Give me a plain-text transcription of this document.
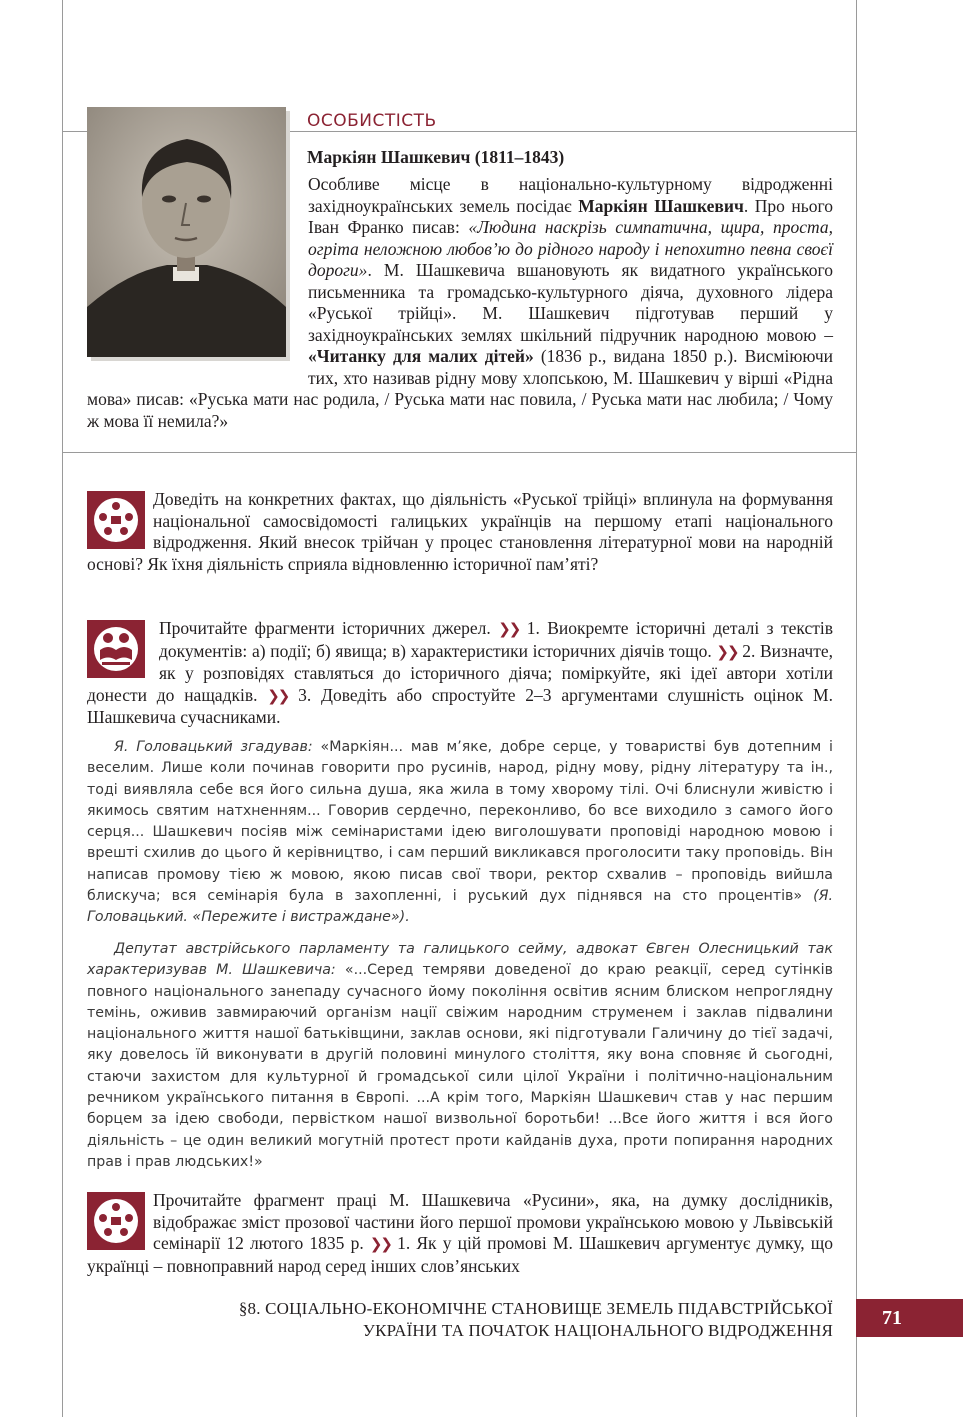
ОСОБИСТІСТЬ
Маркіян Шашкевич (1811–1843)

Особливе місце в національно-культурному відродженні західноукраїнських земель посідає Маркіян Шашкевич. Про нього Іван Франко писав: «Людина наскрізь симпатична, щира, проста, огріта неложною любов’ю до рідного народу і непохитно певна своєї дороги». М. Шашкевича вшановують як видатного українського письменника та громадсько-культурного діяча, духовного лідера «Руської трійці». М. Шашкевич підготував перший у західноукраїнських землях шкільний підручник народною мовою – «Читанку для малих дітей» (1836 р., видана 1850 р.). Висміюючи тих, хто називав рідну мову хлопською, М. Шашкевич у вірші «Рідна мова» писав: «Руська мати нас родила, / Руська мати нас повила, / Руська мати нас любила; / Чому ж мова її немила?»

Доведіть на конкретних фактах, що діяльність «Руської трійці» вплинула на формування національної самосвідомості галицьких українців на першому етапі національного відродження. Який внесок трійчан у процес становлення літературної мови на народній основі? Як їхня діяльність сприяла відновленню історичної пам’яті?

Прочитайте фрагменти історичних джерел. ❯❯ 1. Виокремте історичні деталі з текстів документів: а) події; б) явища; в) характеристики історичних діячів тощо. ❯❯ 2. Визначте, як у розповідях ставляться до історичного діяча; поміркуйте, які ідеї автори хотіли донести до нащадків. ❯❯ 3. Доведіть або спростуйте 2–3 аргументами слушність оцінок М. Шашкевича сучасниками.

Я. Головацький згадував: «Маркіян... мав м’яке, добре серце, у товаристві був дотепним і веселим. Лише коли починав говорити про русинів, народ, рідну мову, рідну літературу та ін., тоді виявляла себе вся його сильна душа, яка жила в тому хворому тілі. Очі блиснули живістю і якимось святим натхненням... Говорив сердечно, переконливо, бо все виходило з самого його серця... Шашкевич посіяв між семінаристами ідею виголошувати проповіді народною мовою і врешті схилив до цього й керівництво, і сам перший викликався проголосити таку проповідь. Він написав промову тією ж мовою, якою писав свої твори, ректор схвалив – проповідь вийшла блискуча; вся семінарія була в захопленні, і руський дух піднявся на сто процентів» (Я. Головацький. «Пережите і вистраждане»).

Депутат австрійського парламенту та галицького сейму, адвокат Євген Олесницький так характеризував М. Шашкевича: «...Серед темряви доведеної до краю реакції, серед сутінків повного національного занепаду сучасного йому покоління освітив ясним блиском непроглядну темінь, оживив завмираючий організм нації свіжим народним струменем і заклав підвалини національного життя нашої батьківщини, заклав основи, які підготували Галичину до тієї задачі, яку довелось їй виконувати в другій половині минулого століття, яку вона сповняє й сьогодні, стаючи захистом для культурної й громадської сили цілої України і політично-національним речником українського питання в Європі. ...А крім того, Маркіян Шашкевич став у нас першим борцем за ідею свободи, первістком нашої визвольної боротьби! ...Все його життя і вся його діяльність – це один великий могутній протест проти кайданів духа, проти попирання народних прав і прав людських!»

Прочитайте фрагмент праці М. Шашкевича «Русини», яка, на думку дослідників, відображає зміст прозової частини його першої промови українською мовою у Львівській семінарії 12 лютого 1835 р. ❯❯ 1. Як у цій промові М. Шашкевич аргументує думку, що українці – повноправний народ серед інших слов’янських

§8. СОЦІАЛЬНО-ЕКОНОМІЧНЕ СТАНОВИЩЕ ЗЕМЕЛЬ ПІДАВСТРІЙСЬКОЇ
УКРАЇНИ ТА ПОЧАТОК НАЦІОНАЛЬНОГО ВІДРОДЖЕННЯ
71
